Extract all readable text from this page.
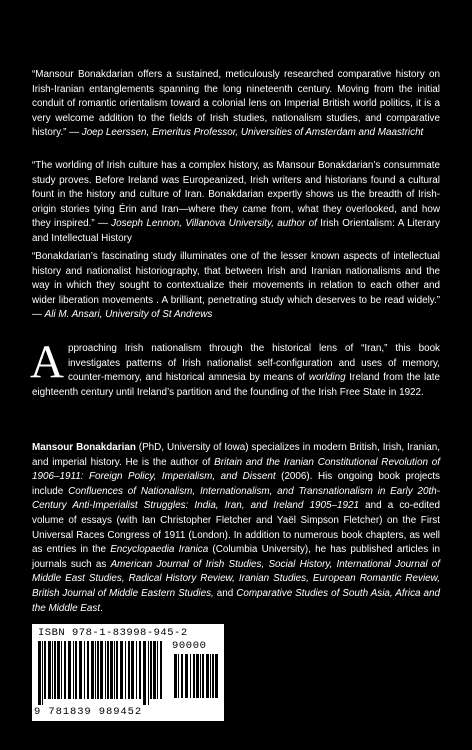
“Mansour Bonakdarian offers a sustained, meticulously researched comparative history on Irish-Iranian entanglements spanning the long nineteenth century. Moving from the initial conduit of romantic orientalism toward a colonial lens on Imperial British world politics, it is a very welcome addition to the fields of Irish studies, nationalism studies, and comparative history.” — Joep Leerssen, Emeritus Professor, Universities of Amsterdam and Maastricht

“The worlding of Irish culture has a complex history, as Mansour Bonakdarian’s consummate study proves. Before Ireland was Europeanized, Irish writers and historians found a cultural fount in the history and culture of Iran. Bonakdarian expertly shows us the breadth of Irish-origin stories tying Érin and Iran—where they came from, what they overlooked, and how they inspired.” — Joseph Lennon, Villanova University, author of Irish Orientalism: A Literary and Intellectual History

“Bonakdarian’s fascinating study illuminates one of the lesser known aspects of intellectual history and nationalist historiography, that between Irish and Iranian nationalisms and the way in which they sought to contextualize their movements in relation to each other and wider liberation movements . A brilliant, penetrating study which deserves to be read widely.” — Ali M. Ansari, University of St Andrews

Approaching Irish nationalism through the historical lens of “Iran,” this book investigates patterns of Irish nationalist self-configuration and uses of memory, counter-memory, and historical amnesia by means of worlding Ireland from the late eighteenth century until Ireland’s partition and the founding of the Irish Free State in 1922.

Mansour Bonakdarian (PhD, University of Iowa) specializes in modern British, Irish, Iranian, and imperial history. He is the author of Britain and the Iranian Constitutional Revolution of 1906–1911: Foreign Policy, Imperialism, and Dissent (2006). His ongoing book projects include Confluences of Nationalism, Internationalism, and Transnationalism in Early 20th-Century Anti-Imperialist Struggles: India, Iran, and Ireland 1905–1921 and a co-edited volume of essays (with Ian Christopher Fletcher and Yaël Simpson Fletcher) on the First Universal Races Congress of 1911 (London). In addition to numerous book chapters, as well as entries in the Encyclopaedia Iranica (Columbia University), he has published articles in journals such as American Journal of Irish Studies, Social History, International Journal of Middle East Studies, Radical History Review, Iranian Studies, European Romantic Review, British Journal of Middle Eastern Studies, and Comparative Studies of South Asia, Africa and the Middle East.

ISBN 978-1-83998-945-2
9 781839 989452
90000
